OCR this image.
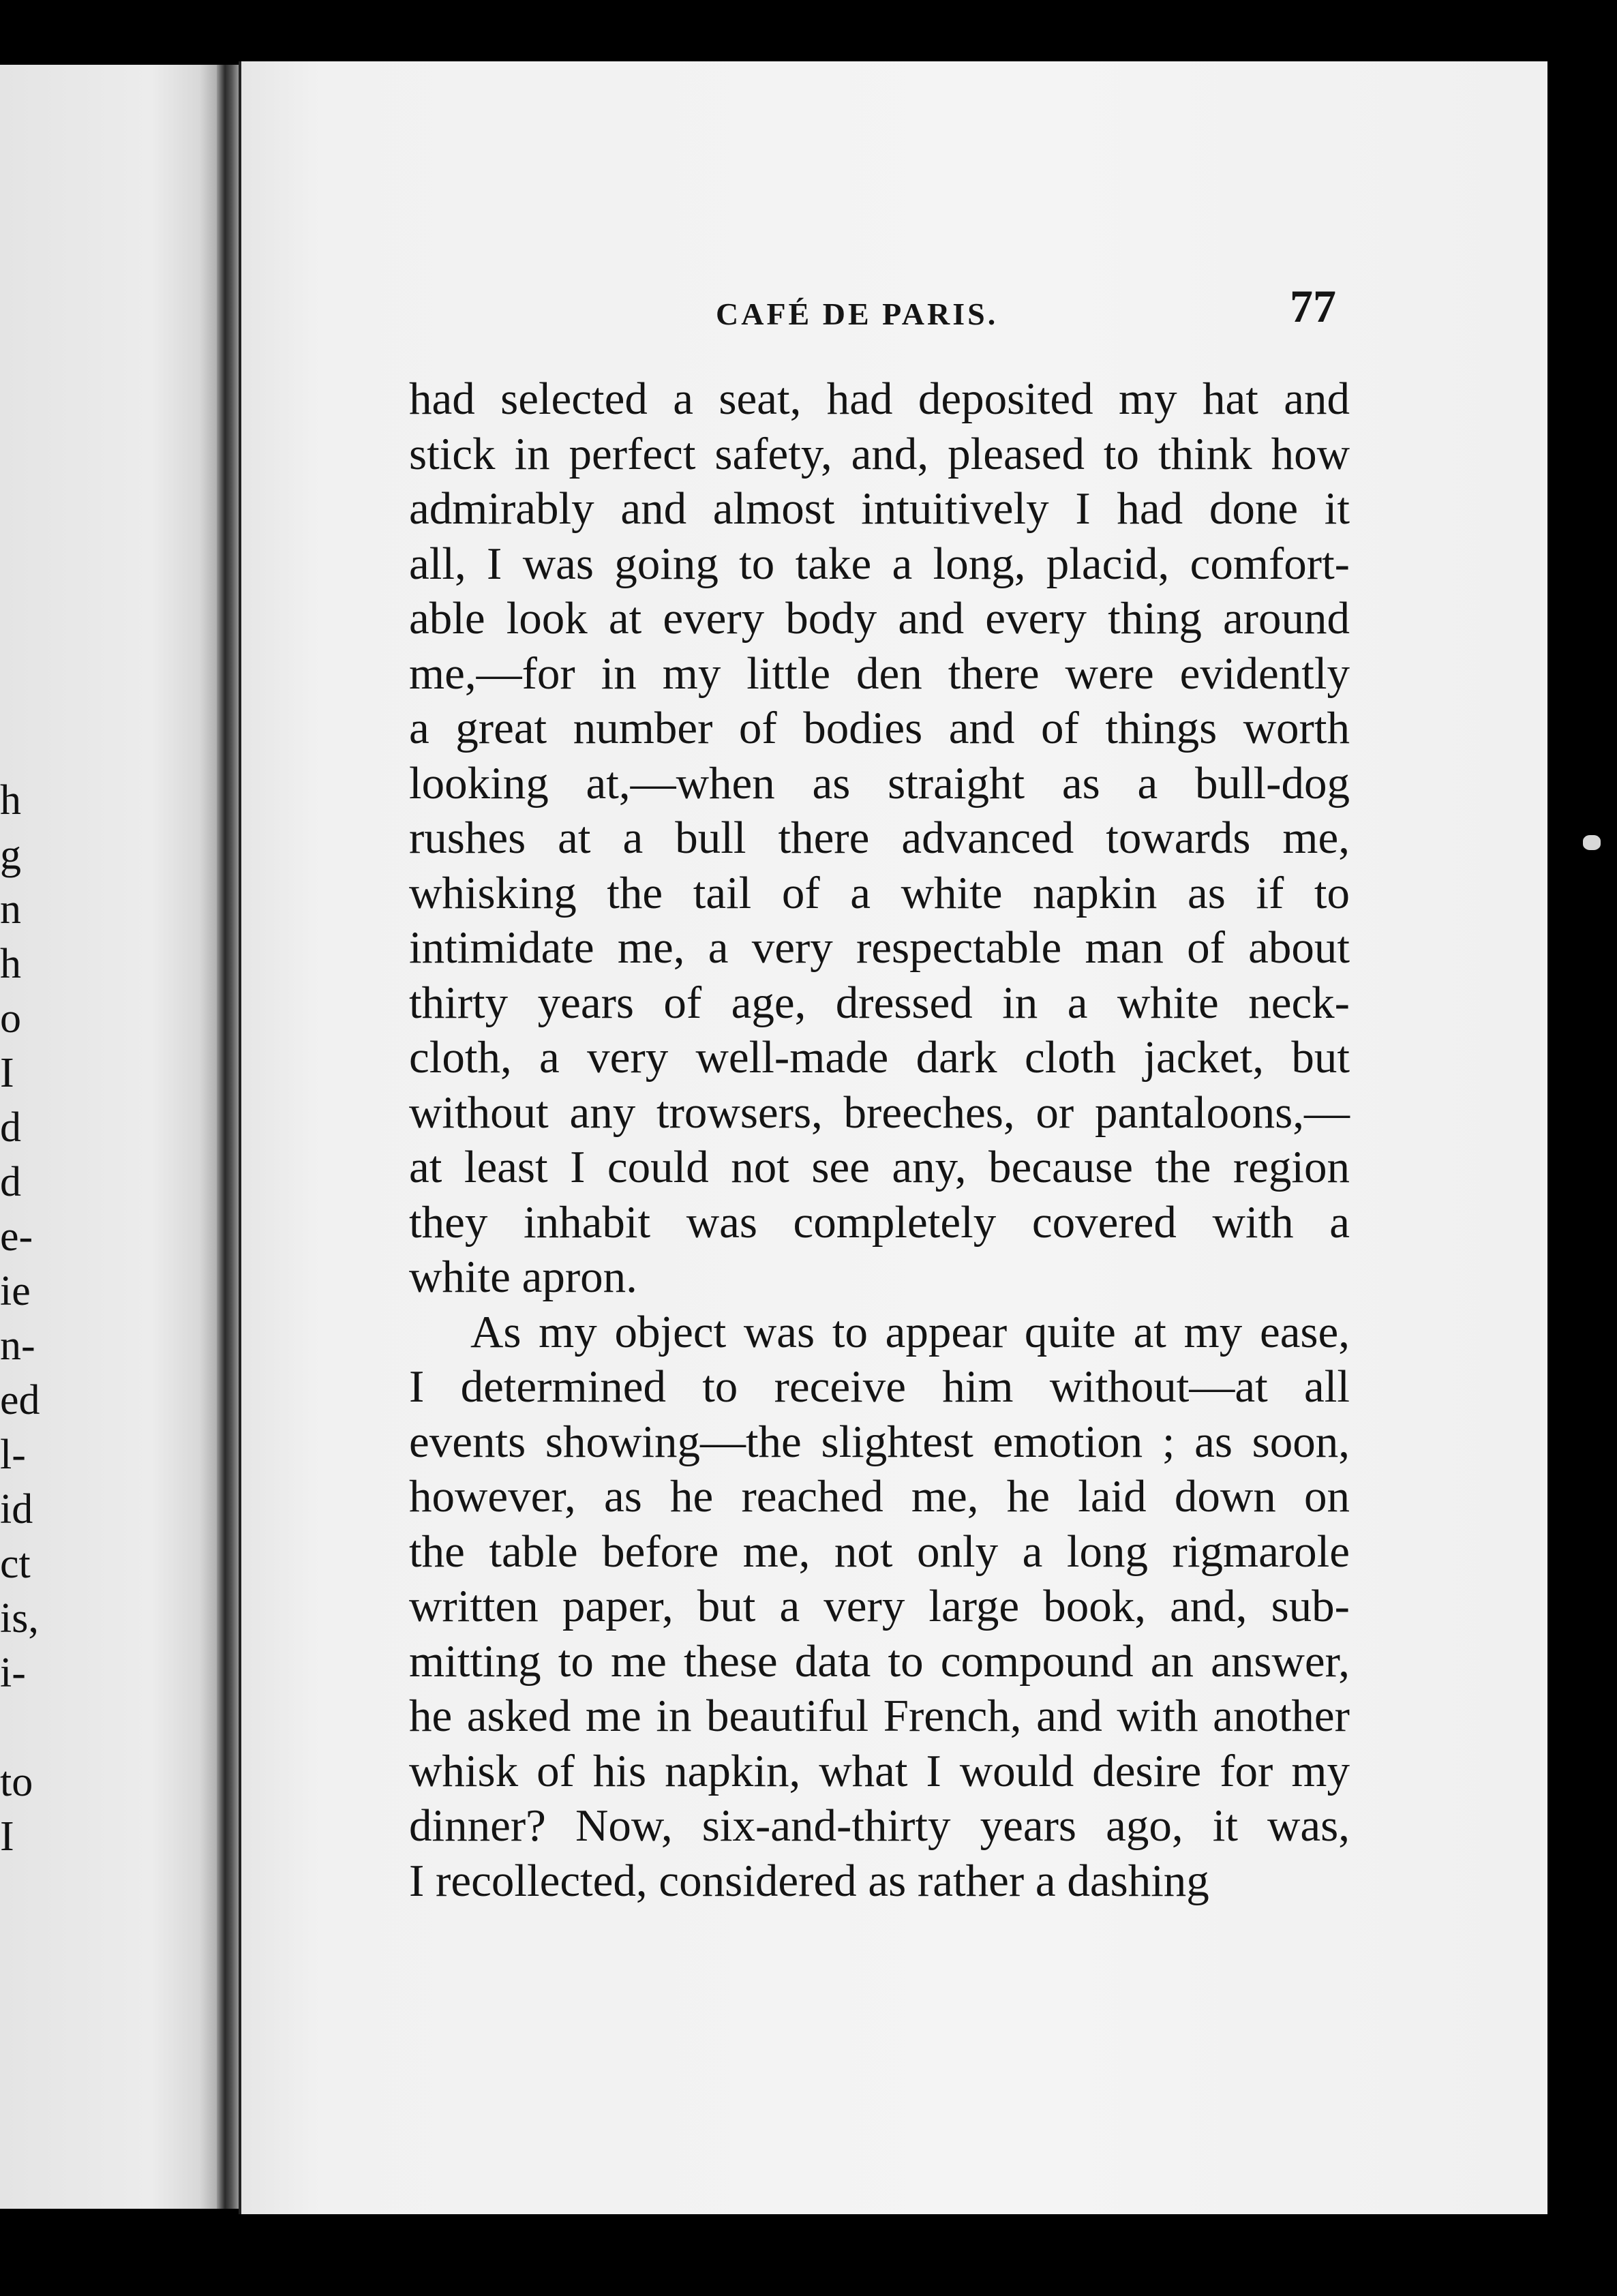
h
g
n
h
o
I
d
d
e-
ie
n-
ed
l-
id
ct
is,
i-
to
I
CAFÉ DE PARIS.	77
had selected a seat, had deposited my hat and
stick in perfect safety, and, pleased to think how
admirably and almost intuitively I had done it
all, I was going to take a long, placid, comfort-
able look at every body and every thing around
me,—for in my little den there were evidently
a great number of bodies and of things worth
looking at,—when as straight as a bull-dog
rushes at a bull there advanced towards me,
whisking the tail of a white napkin as if to
intimidate me, a very respectable man of about
thirty years of age, dressed in a white neck-
cloth, a very well-made dark cloth jacket, but
without any trowsers, breeches, or pantaloons,—
at least I could not see any, because the region
they inhabit was completely covered with a
white apron.
As my object was to appear quite at my ease,
I determined to receive him without—at all
events showing—the slightest emotion ; as soon,
however, as he reached me, he laid down on
the table before me, not only a long rigmarole
written paper, but a very large book, and, sub-
mitting to me these data to compound an answer,
he asked me in beautiful French, and with another
whisk of his napkin, what I would desire for my
dinner? Now, six-and-thirty years ago, it was,
I recollected, considered as rather a dashing
